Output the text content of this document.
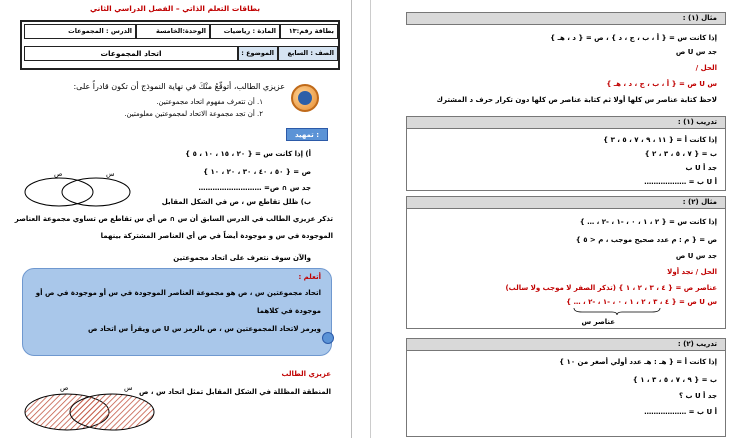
بطاقات التعلم الذاتي – الفصل الدراسي الثاني
بطاقة رقم:١٣
المادة : رياضيات
الوحدة:الخامسة
الدرس : المجموعات
الصف : السابع
الموضوع :
اتحاد المجموعات
عزيزي الطالب، أتوقّعُ منْكَ في نهاية النموذج أن تكون قادراً على:
١. أن تتعرف مفهوم اتحاد مجموعتين.
٢. أن تجد مجموعة الاتحاد لمجموعتين معلومتين.
تمهيد :
أ) إذا كانت س = { ٢٠ ، ١٥ ، ١٠ ، ٥ }
ص = { ٥٠ ، ٤٠ ، ٣٠ ، ٢٠ ، ١٠ }
جد س ∩ ص= ………………………
ص	س
ب) ظلل تقاطع س ، ص في الشكل المقابل
تذكر عزيزي الطالب في الدرس السابق أن س ∩ ص أي س تقاطع ص تساوي مجموعة العناصر
الموجودة في س و موجودة أيضاً في ص أي العناصر المشتركة بينهما
والآن سوف نتعرف على اتحاد مجموعتين
أتعلم :
اتحاد مجموعتين س ، ص هو مجموعة العناصر الموجودة في س أو موجودة في ص أو
موجودة في كلاهما
ويرمز لاتحاد المجموعتين س ، ص بالرمز س U ص ويقرأ س اتحاد ص
عزيزي الطالب
المنطقة المظللة في الشكل المقابل تمثل اتحاد س ، ص
ص	س
مثال (١) :
إذا كانت س = { أ ، ب ، ج ، د } ، ص = { د ، هـ }
جد س U ص
الحل /
س U ص = { أ ، ب ، ج ، د ، هـ }
لاحظ كتابة عناصر س كلها أولا ثم كتابة عناصر ص كلها دون تكرار حرف د المشترك
تدريب (١) :
إذا كانت أ = { ١١ ، ٩ ، ٧ ، ٥ ، ٣ }
ب = { ٧ ، ٥ ، ٣ ، ٢ }
جد أ U ب
أ U ب = ………………
مثال (٢) :
إذا كانت س = { ٢ ، ١ ، ٠ ، -١ ، -٢ ، … }
ص = { م : م عدد صحيح موجب ، م < ٥ }
جد س U ص
الحل / نجد أولا
عناصر ص = { ٤ ، ٣ ، ٢ ، ١ } (تذكر الصفر لا موجب ولا سالب)
س U ص = { ٤ ، ٣ ، ٢ ، ١ ، ٠ ، -١ ، -٢ ، … }
عناصر س
تدريب (٢) :
إذا كانت أ = { هـ : هـ عدد أولي أصغر من ١٠ }
ب = { ٩ ، ٧ ، ٥ ، ٣ ، ١ }
جد أ U ب ؟
أ U ب = ………………
